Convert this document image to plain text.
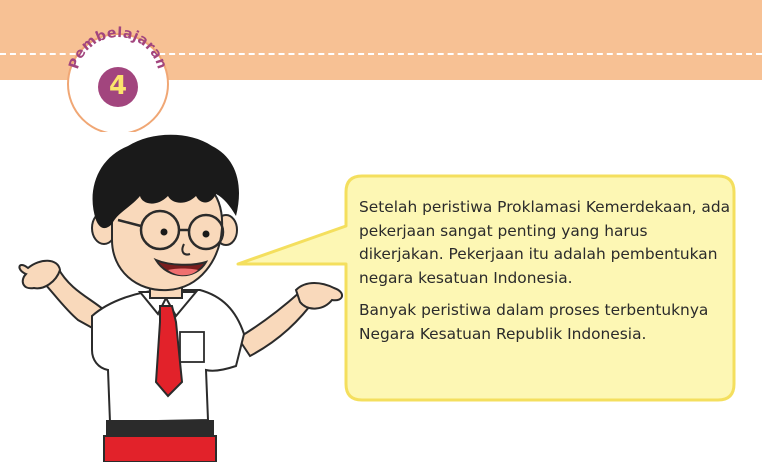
Pembelajaran
4

Setelah peristiwa Proklamasi Kemerdekaan, ada pekerjaan sangat penting yang harus dikerjakan. Pekerjaan itu adalah pembentukan negara kesatuan Indonesia.

Banyak peristiwa dalam proses terbentuknya Negara Kesatuan Republik Indonesia.
